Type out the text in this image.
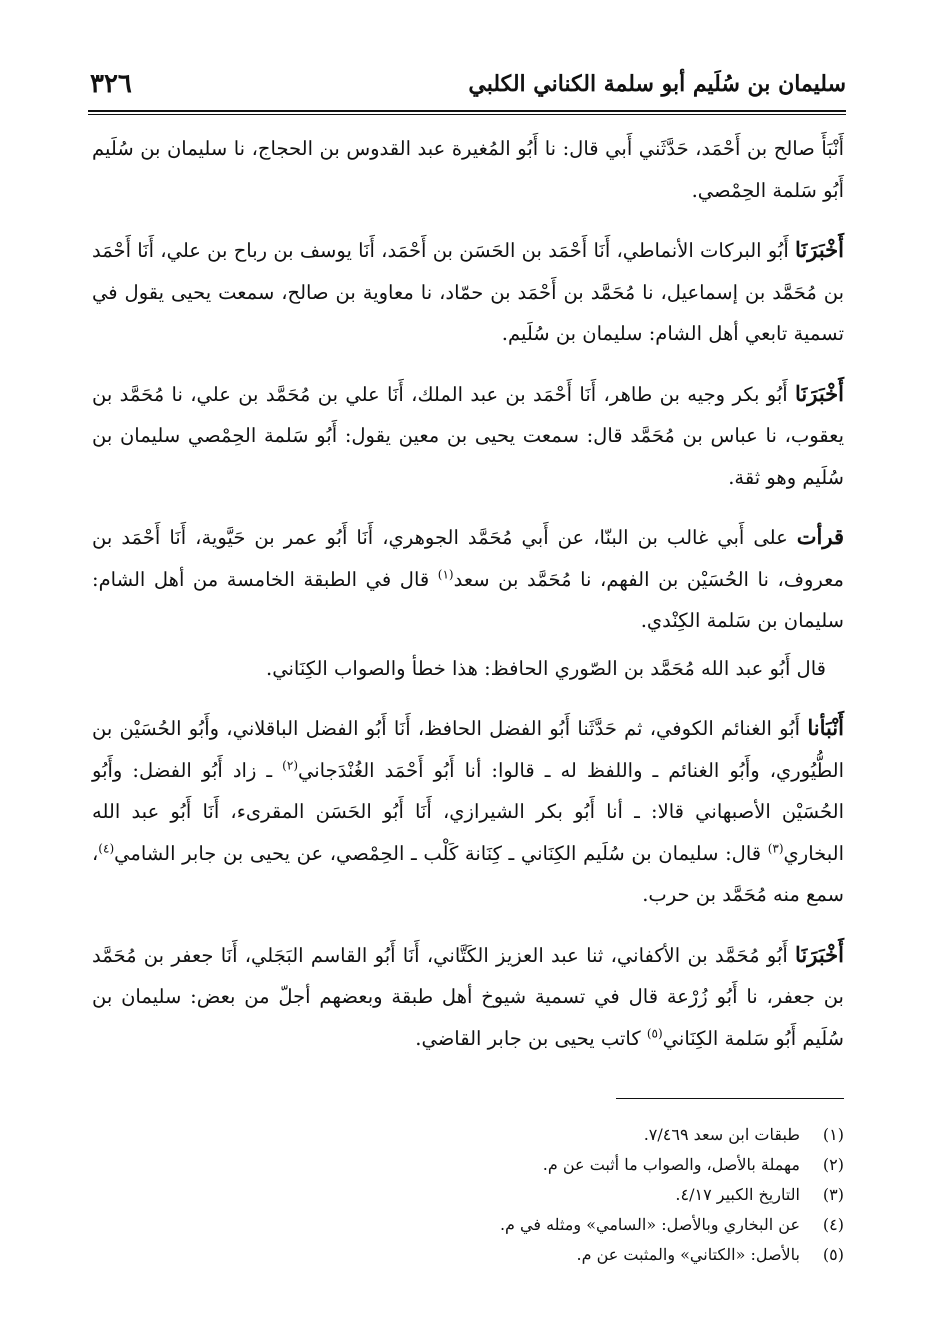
سليمان بن سُلَيم أبو سلمة الكناني الكلبي
٣٢٦

أَنْبَأَ صالح بن أَحْمَد، حَدَّثَني أَبي قال: نا أَبُو المُغيرة عبد القدوس بن الحجاج، نا سليمان بن سُلَيم أَبُو سَلمة الحِمْصي.

أَخْبَرَنَا أَبُو البركات الأنماطي، أَنَا أَحْمَد بن الحَسَن بن أَحْمَد، أَنَا يوسف بن رباح بن علي، أَنَا أَحْمَد بن مُحَمَّد بن إسماعيل، نا مُحَمَّد بن أَحْمَد بن حمّاد، نا معاوية بن صالح، سمعت يحيى يقول في تسمية تابعي أهل الشام: سليمان بن سُلَيم.

أَخْبَرَنَا أَبُو بكر وجيه بن طاهر، أَنَا أَحْمَد بن عبد الملك، أَنَا علي بن مُحَمَّد بن علي، نا مُحَمَّد بن يعقوب، نا عباس بن مُحَمَّد قال: سمعت يحيى بن معين يقول: أَبُو سَلمة الحِمْصي سليمان بن سُلَيم وهو ثقة.

قرأت على أَبي غالب بن البنّا، عن أَبي مُحَمَّد الجوهري، أَنَا أَبُو عمر بن حَيَّوية، أَنَا أَحْمَد بن معروف، نا الحُسَيْن بن الفهم، نا مُحَمَّد بن سعد$^{(١)}$ قال في الطبقة الخامسة من أهل الشام: سليمان بن سَلمة الكِنْدي.

قال أَبُو عبد الله مُحَمَّد بن الصّوري الحافظ: هذا خطأ والصواب الكِنَاني.

أَنْبَأنا أَبُو الغنائم الكوفي، ثم حَدَّثَنا أَبُو الفضل الحافظ، أَنَا أَبُو الفضل الباقلاني، وأَبُو الحُسَيْن بن الطُّيُوري، وأَبُو الغنائم ـ واللفظ له ـ قالوا: أنا أَبُو أَحْمَد الغُنْدَجاني$^{(٢)}$ ـ زاد أَبُو الفضل: وأَبُو الحُسَيْن الأصبهاني قالا: ـ أنا أَبُو بكر الشيرازي، أَنَا أَبُو الحَسَن المقرىء، أَنَا أَبُو عبد الله البخاري$^{(٣)}$ قال: سليمان بن سُلَيم الكِنَاني ـ كِنَانة كَلْب ـ الحِمْصي، عن يحيى بن جابر الشامي$^{(٤)}$، سمع منه مُحَمَّد بن حرب.

أَخْبَرَنَا أَبُو مُحَمَّد بن الأكفاني، ثنا عبد العزيز الكَتَّاني، أَنَا أَبُو القاسم البَجَلي، أَنَا جعفر بن مُحَمَّد بن جعفر، نا أَبُو زُرْعة قال في تسمية شيوخ أهل طبقة وبعضهم أجلّ من بعض: سليمان بن سُلَيم أَبُو سَلمة الكِنَاني$^{(٥)}$ كاتب يحيى بن جابر القاضي.

(١)
طبقات ابن سعد ٧/٤٦٩.
(٢)
مهملة بالأصل، والصواب ما أثبت عن م.
(٣)
التاريخ الكبير ٤/١٧.
(٤)
عن البخاري وبالأصل: «السامي» ومثله في م.
(٥)
بالأصل: «الكتاني» والمثبت عن م.
